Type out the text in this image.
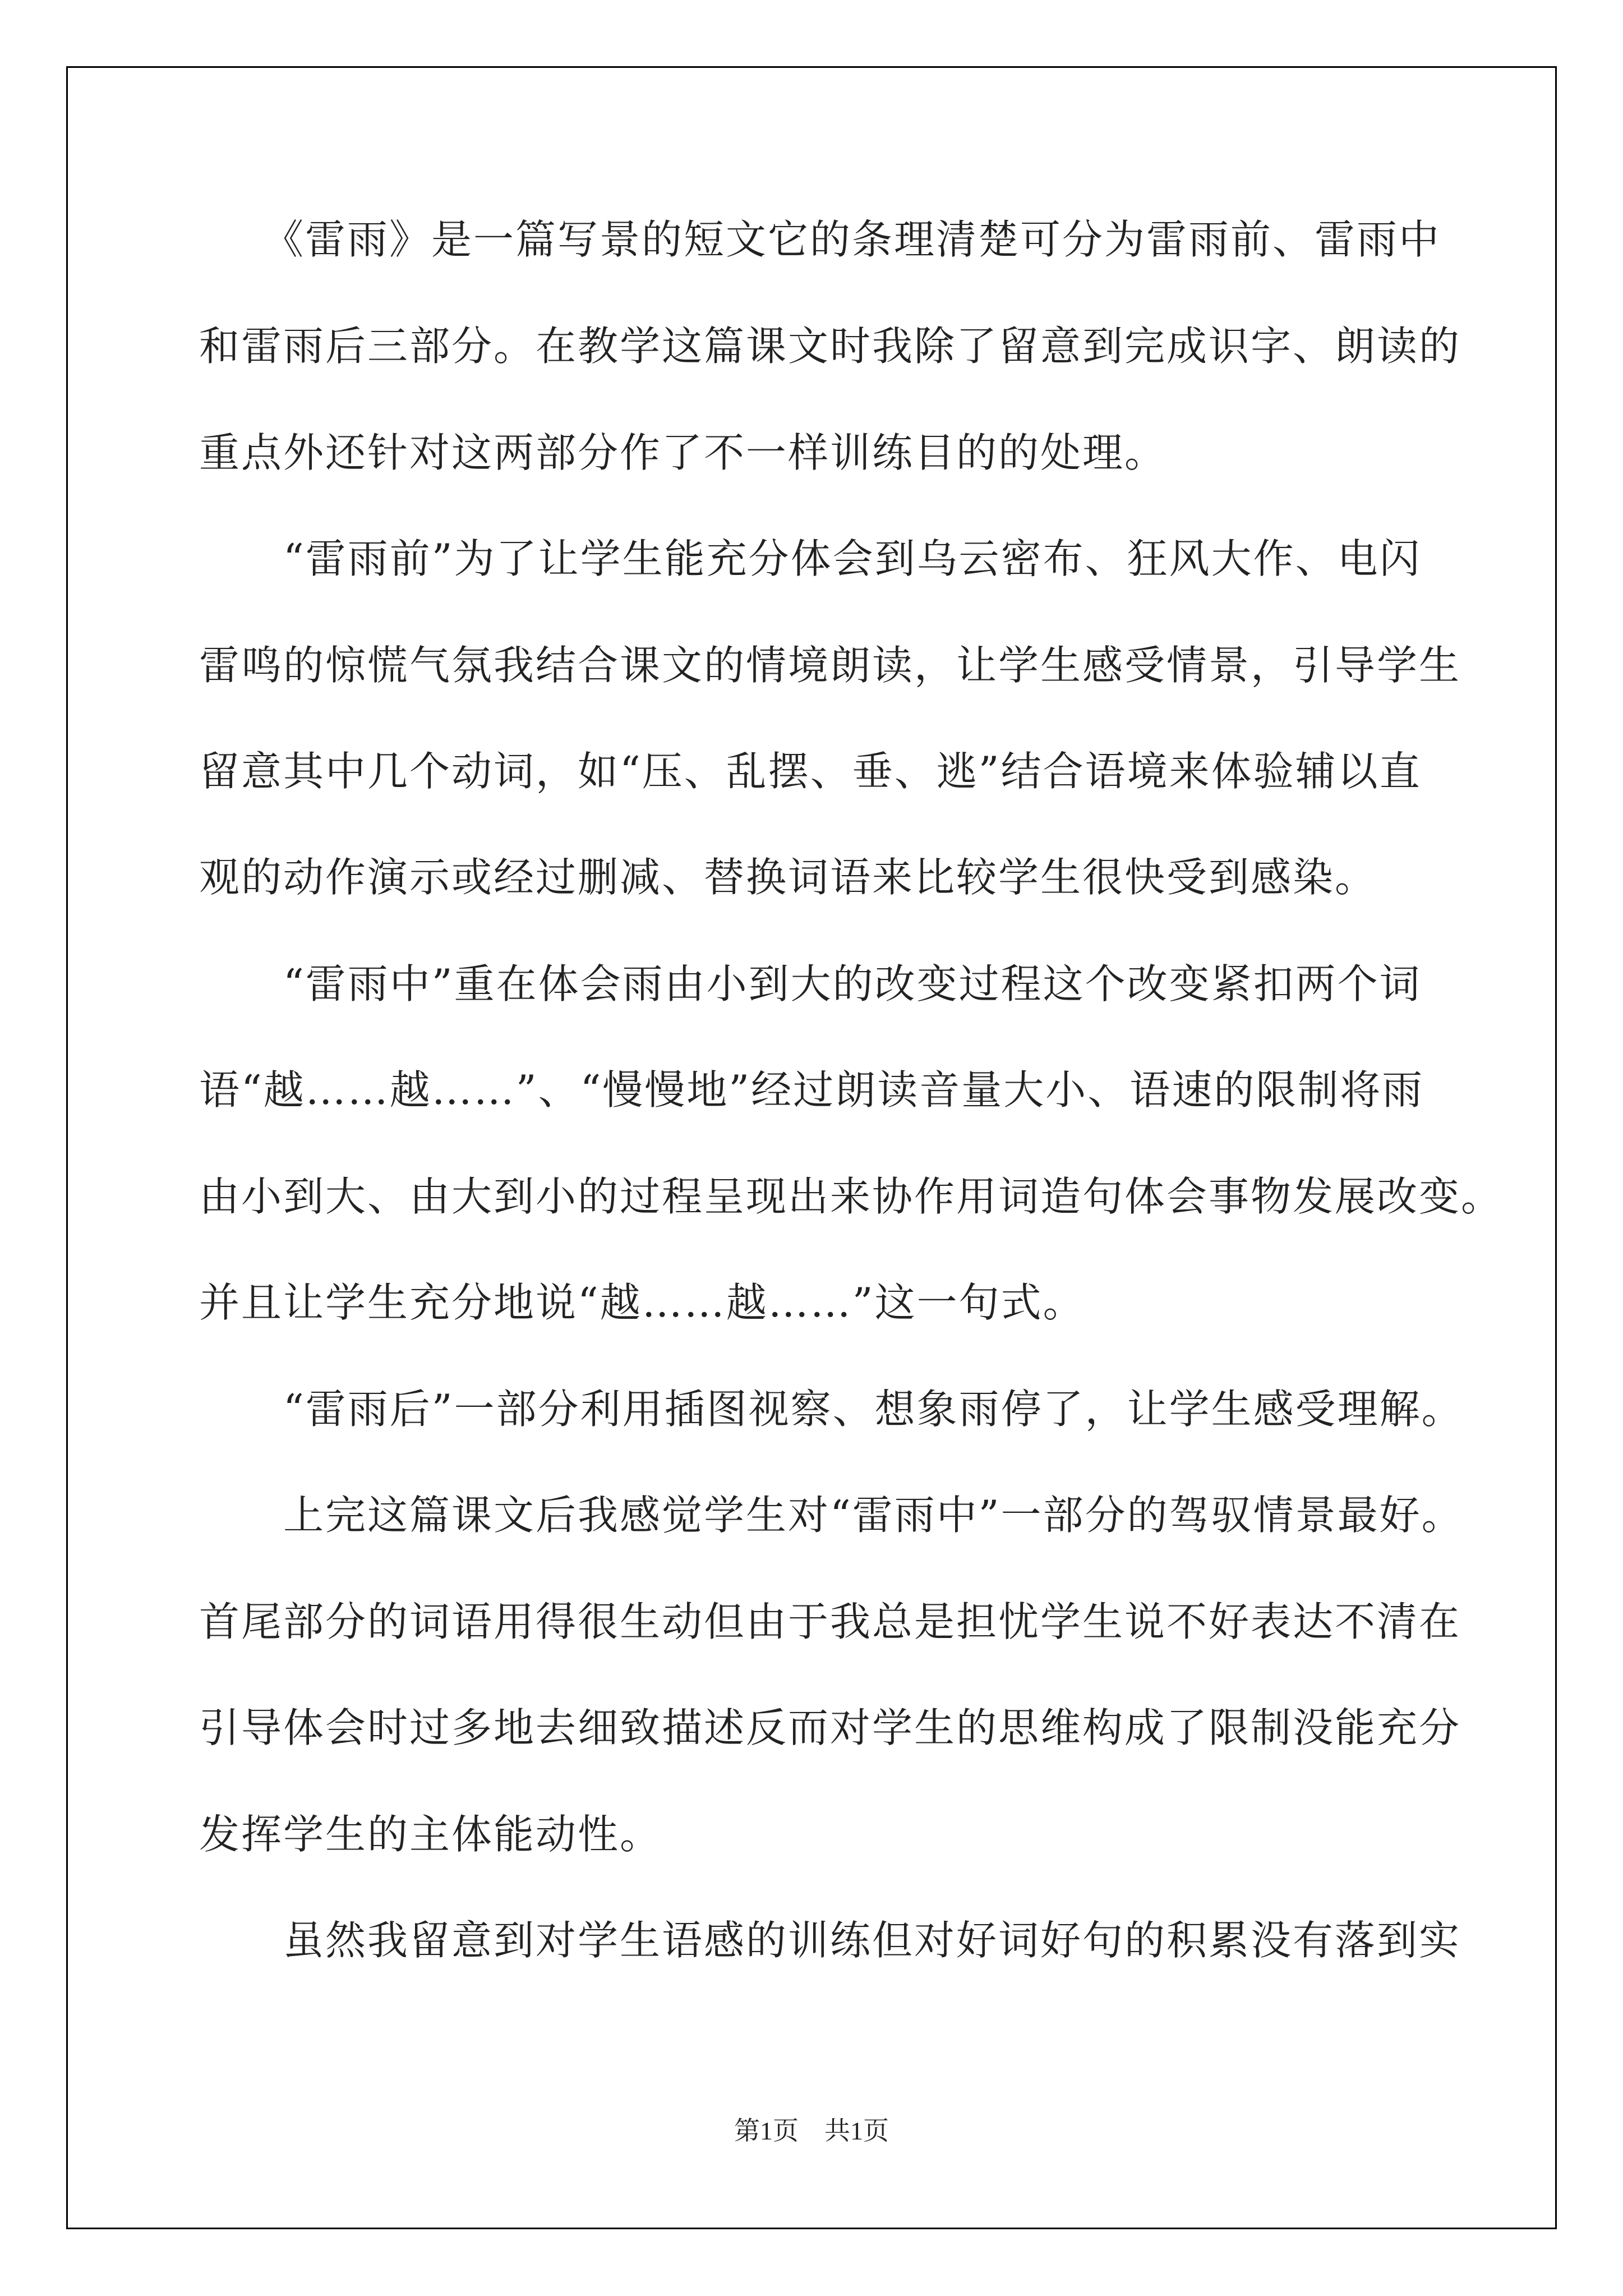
　　《雷雨》是一篇写景的短文它的条理清楚可分为雷雨前、雷雨中
和雷雨后三部分。在教学这篇课文时我除了留意到完成识字、朗读的
重点外还针对这两部分作了不一样训练目的的处理。
　　“雷雨前”为了让学生能充分体会到乌云密布、狂风大作、电闪
雷鸣的惊慌气氛我结合课文的情境朗读，让学生感受情景，引导学生
留意其中几个动词，如“压、乱摆、垂、逃”结合语境来体验辅以直
观的动作演示或经过删减、替换词语来比较学生很快受到感染。
　　“雷雨中”重在体会雨由小到大的改变过程这个改变紧扣两个词
语“越……越……”、“慢慢地”经过朗读音量大小、语速的限制将雨
由小到大、由大到小的过程呈现出来协作用词造句体会事物发展改变。
并且让学生充分地说“越……越……”这一句式。
　　“雷雨后”一部分利用插图视察、想象雨停了，让学生感受理解。
　　上完这篇课文后我感觉学生对“雷雨中”一部分的驾驭情景最好。
首尾部分的词语用得很生动但由于我总是担忧学生说不好表达不清在
引导体会时过多地去细致描述反而对学生的思维构成了限制没能充分
发挥学生的主体能动性。
　　虽然我留意到对学生语感的训练但对好词好句的积累没有落到实
第1页 共1页
